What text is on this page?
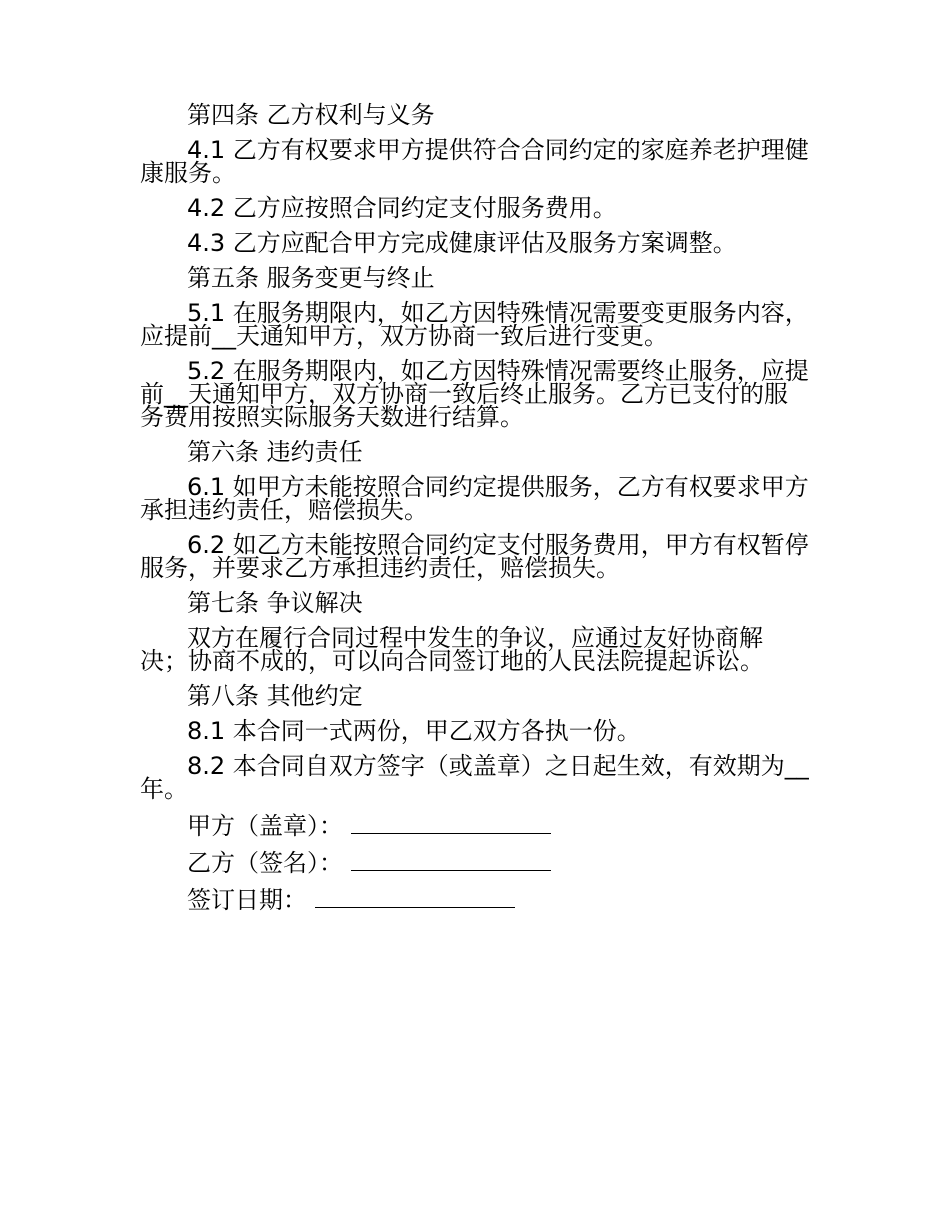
第四条 乙方权利与义务

4.1 乙方有权要求甲方提供符合合同约定的家庭养老护理健康服务。

4.2 乙方应按照合同约定支付服务费用。

4.3 乙方应配合甲方完成健康评估及服务方案调整。

第五条 服务变更与终止

5.1 在服务期限内，如乙方因特殊情况需要变更服务内容，应提前__天通知甲方，双方协商一致后进行变更。

5.2 在服务期限内，如乙方因特殊情况需要终止服务，应提前__天通知甲方，双方协商一致后终止服务。乙方已支付的服务费用按照实际服务天数进行结算。

第六条 违约责任

6.1 如甲方未能按照合同约定提供服务，乙方有权要求甲方承担违约责任，赔偿损失。

6.2 如乙方未能按照合同约定支付服务费用，甲方有权暂停服务，并要求乙方承担违约责任，赔偿损失。

第七条 争议解决

双方在履行合同过程中发生的争议，应通过友好协商解决；协商不成的，可以向合同签订地的人民法院提起诉讼。

第八条 其他约定

8.1 本合同一式两份，甲乙双方各执一份。

8.2 本合同自双方签字（或盖章）之日起生效，有效期为__年。

甲方（盖章）：
乙方（签名）：
签订日期：
